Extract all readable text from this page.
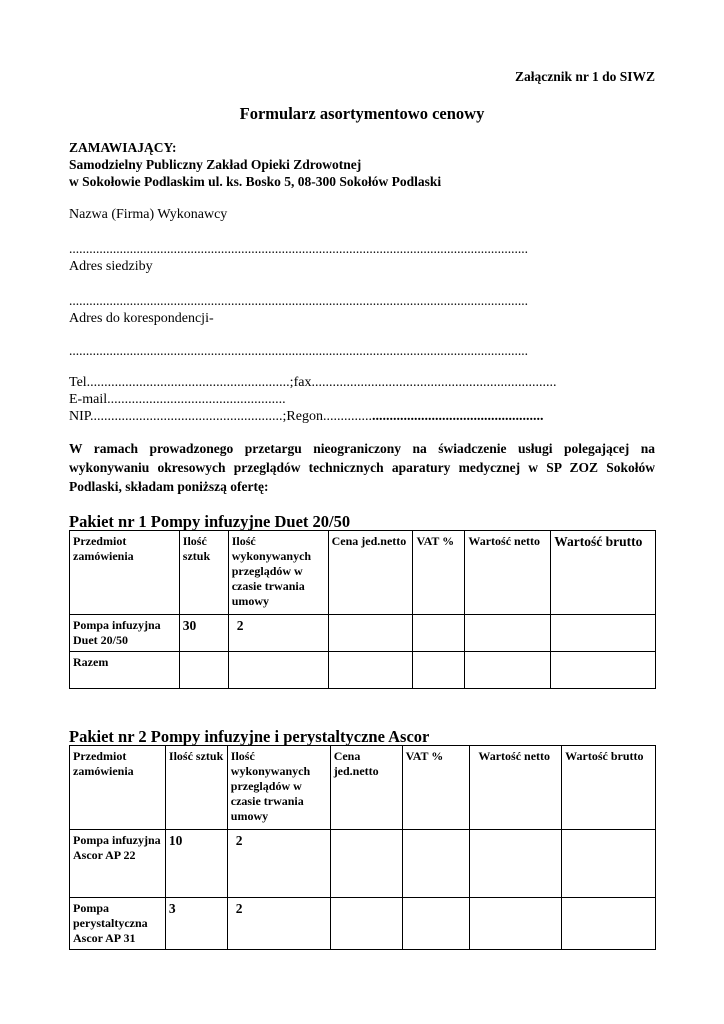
Załącznik nr 1 do SIWZ
Formularz asortymentowo cenowy
ZAMAWIAJĄCY:
Samodzielny Publiczny Zakład Opieki Zdrowotnej
w Sokołowie Podlaskim ul. ks. Bosko 5, 08-300 Sokołów Podlaski
Nazwa (Firma) Wykonawcy
........................................................................................................................................
Adres siedziby
........................................................................................................................................
Adres do korespondencji-
........................................................................................................................................
Tel..........................................................;fax......................................................................
E-mail...................................................
NIP.......................................................;Regon...............................................................
W ramach prowadzonego przetargu nieograniczony na świadczenie usługi polegającej na wykonywaniu okresowych przeglądów technicznych aparatury medycznej w SP ZOZ Sokołów Podlaski, składam poniższą ofertę:
Pakiet nr 1 Pompy infuzyjne Duet 20/50
Przedmiot zamówienia	Ilość sztuk	Ilość wykonywanych przeglądów w czasie trwania umowy	Cena jed.netto	VAT %	Wartość netto	Wartość brutto
Pompa infuzyjna Duet 20/50	30	2				
Razem						
Pakiet nr 2 Pompy infuzyjne i perystaltyczne Ascor
Przedmiot zamówienia	Ilość sztuk	Ilość wykonywanych przeglądów w czasie trwania umowy	Cena jed.netto	VAT %	Wartość netto	Wartość brutto
Pompa infuzyjna Ascor AP 22	10	2				
Pompa perystaltyczna Ascor AP 31	3	2				
